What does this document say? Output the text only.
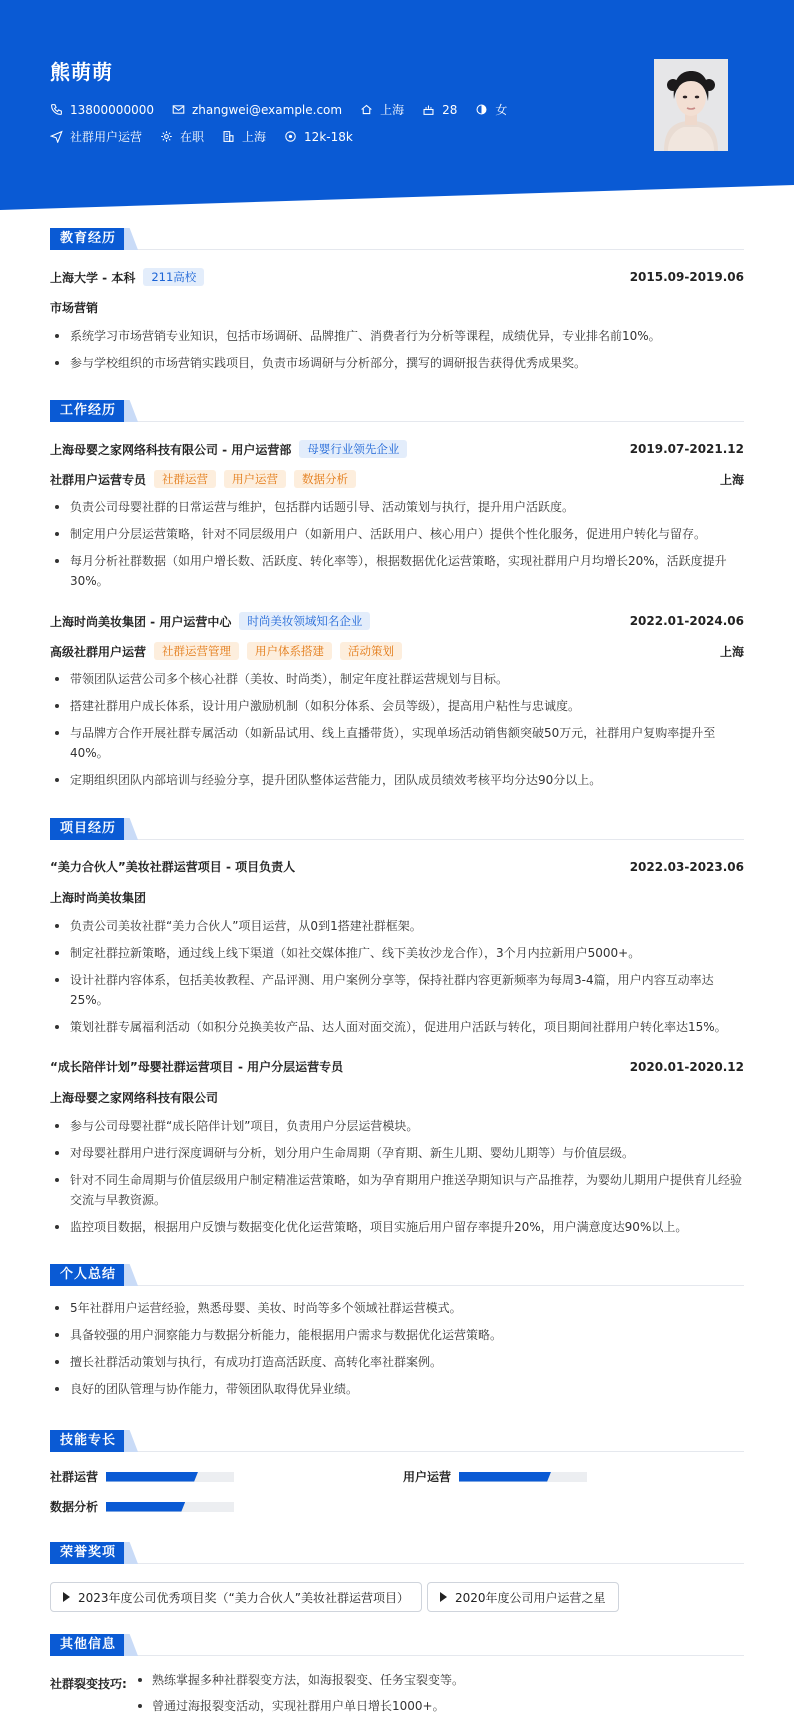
熊萌萌
13800000000	zhangwei@example.com	上海	28	女
社群用户运营	在职	上海	12k-18k
教育经历
上海大学 - 本科	211高校	2015.09-2019.06
市场营销
系统学习市场营销专业知识，包括市场调研、品牌推广、消费者行为分析等课程，成绩优异，专业排名前10%。
参与学校组织的市场营销实践项目，负责市场调研与分析部分，撰写的调研报告获得优秀成果奖。
工作经历
上海母婴之家网络科技有限公司 - 用户运营部	母婴行业领先企业	2019.07-2021.12
社群用户运营专员	社群运营	用户运营	数据分析	上海
负责公司母婴社群的日常运营与维护，包括群内话题引导、活动策划与执行，提升用户活跃度。
制定用户分层运营策略，针对不同层级用户（如新用户、活跃用户、核心用户）提供个性化服务，促进用户转化与留存。
每月分析社群数据（如用户增长数、活跃度、转化率等），根据数据优化运营策略，实现社群用户月均增长20%，活跃度提升30%。
上海时尚美妆集团 - 用户运营中心	时尚美妆领域知名企业	2022.01-2024.06
高级社群用户运营	社群运营管理	用户体系搭建	活动策划	上海
带领团队运营公司多个核心社群（美妆、时尚类），制定年度社群运营规划与目标。
搭建社群用户成长体系，设计用户激励机制（如积分体系、会员等级），提高用户粘性与忠诚度。
与品牌方合作开展社群专属活动（如新品试用、线上直播带货），实现单场活动销售额突破50万元，社群用户复购率提升至40%。
定期组织团队内部培训与经验分享，提升团队整体运营能力，团队成员绩效考核平均分达90分以上。
项目经历
“美力合伙人”美妆社群运营项目 - 项目负责人	2022.03-2023.06
上海时尚美妆集团
负责公司美妆社群“美力合伙人”项目运营，从0到1搭建社群框架。
制定社群拉新策略，通过线上线下渠道（如社交媒体推广、线下美妆沙龙合作），3个月内拉新用户5000+。
设计社群内容体系，包括美妆教程、产品评测、用户案例分享等，保持社群内容更新频率为每周3-4篇，用户内容互动率达25%。
策划社群专属福利活动（如积分兑换美妆产品、达人面对面交流），促进用户活跃与转化，项目期间社群用户转化率达15%。
“成长陪伴计划”母婴社群运营项目 - 用户分层运营专员	2020.01-2020.12
上海母婴之家网络科技有限公司
参与公司母婴社群“成长陪伴计划”项目，负责用户分层运营模块。
对母婴社群用户进行深度调研与分析，划分用户生命周期（孕育期、新生儿期、婴幼儿期等）与价值层级。
针对不同生命周期与价值层级用户制定精准运营策略，如为孕育期用户推送孕期知识与产品推荐，为婴幼儿期用户提供育儿经验交流与早教资源。
监控项目数据，根据用户反馈与数据变化优化运营策略，项目实施后用户留存率提升20%，用户满意度达90%以上。
个人总结
5年社群用户运营经验，熟悉母婴、美妆、时尚等多个领域社群运营模式。
具备较强的用户洞察能力与数据分析能力，能根据用户需求与数据优化运营策略。
擅长社群活动策划与执行，有成功打造高活跃度、高转化率社群案例。
良好的团队管理与协作能力，带领团队取得优异业绩。
技能专长
社群运营	用户运营
数据分析
荣誉奖项
2023年度公司优秀项目奖（“美力合伙人”美妆社群运营项目）	2020年度公司用户运营之星
其他信息
社群裂变技巧:	熟练掌握多种社群裂变方法，如海报裂变、任务宝裂变等。
曾通过海报裂变活动，实现社群用户单日增长1000+。
